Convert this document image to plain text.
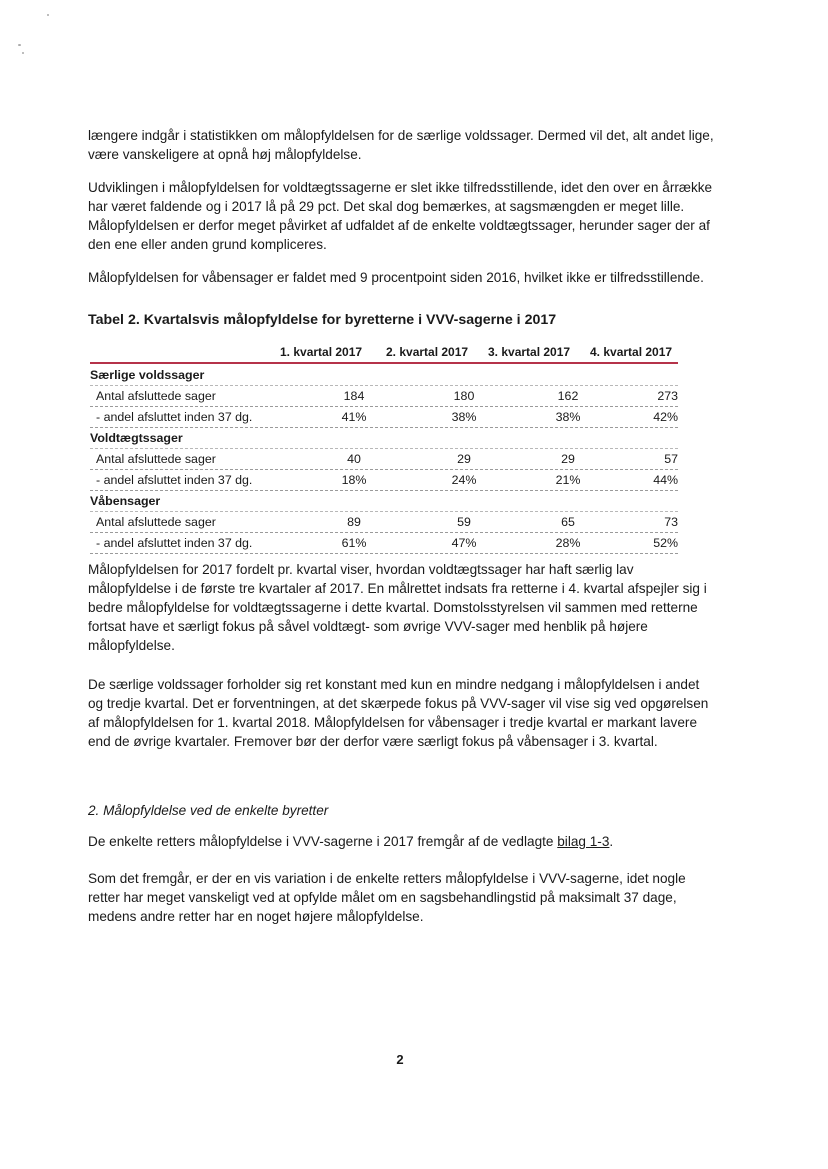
længere indgår i statistikken om målopfyldelsen for de særlige voldssager. Dermed vil det, alt andet lige, være vanskeligere at opnå høj målopfyldelse.

Udviklingen i målopfyldelsen for voldtægtssagerne er slet ikke tilfredsstillende, idet den over en årrække har været faldende og i 2017 lå på 29 pct. Det skal dog bemærkes, at sagsmængden er meget lille. Målopfyldelsen er derfor meget påvirket af udfaldet af de enkelte voldtægtssager, herunder sager der af den ene eller anden grund kompliceres.

Målopfyldelsen for våbensager er faldet med 9 procentpoint siden 2016, hvilket ikke er tilfredsstillende.

Tabel 2. Kvartalsvis målopfyldelse for byretterne i VVV-sagerne i 2017
1. kvartal 2017 2. kvartal 2017 3. kvartal 2017 4. kvartal 2017
Særlige voldssager
Antal afsluttede sager	184	180	162	273
- andel afsluttet inden 37 dg.	41%	38%	38%	42%
Voldtægtssager
Antal afsluttede sager	40	29	29	57
- andel afsluttet inden 37 dg.	18%	24%	21%	44%
Våbensager
Antal afsluttede sager	89	59	65	73
- andel afsluttet inden 37 dg.	61%	47%	28%	52%

Målopfyldelsen for 2017 fordelt pr. kvartal viser, hvordan voldtægtssager har haft særlig lav målopfyldelse i de første tre kvartaler af 2017. En målrettet indsats fra retterne i 4. kvartal afspejler sig i bedre målopfyldelse for voldtægtssagerne i dette kvartal. Domstolsstyrelsen vil sammen med retterne fortsat have et særligt fokus på såvel voldtægt- som øvrige VVV-sager med henblik på højere målopfyldelse.

De særlige voldssager forholder sig ret konstant med kun en mindre nedgang i målopfyldelsen i andet og tredje kvartal. Det er forventningen, at det skærpede fokus på VVV-sager vil vise sig ved opgørelsen af målopfyldelsen for 1. kvartal 2018. Målopfyldelsen for våbensager i tredje kvartal er markant lavere end de øvrige kvartaler. Fremover bør der derfor være særligt fokus på våbensager i 3. kvartal.

2. Målopfyldelse ved de enkelte byretter

De enkelte retters målopfyldelse i VVV-sagerne i 2017 fremgår af de vedlagte bilag 1-3.

Som det fremgår, er der en vis variation i de enkelte retters målopfyldelse i VVV-sagerne, idet nogle retter har meget vanskeligt ved at opfylde målet om en sagsbehandlingstid på maksimalt 37 dage, medens andre retter har en noget højere målopfyldelse.

2
